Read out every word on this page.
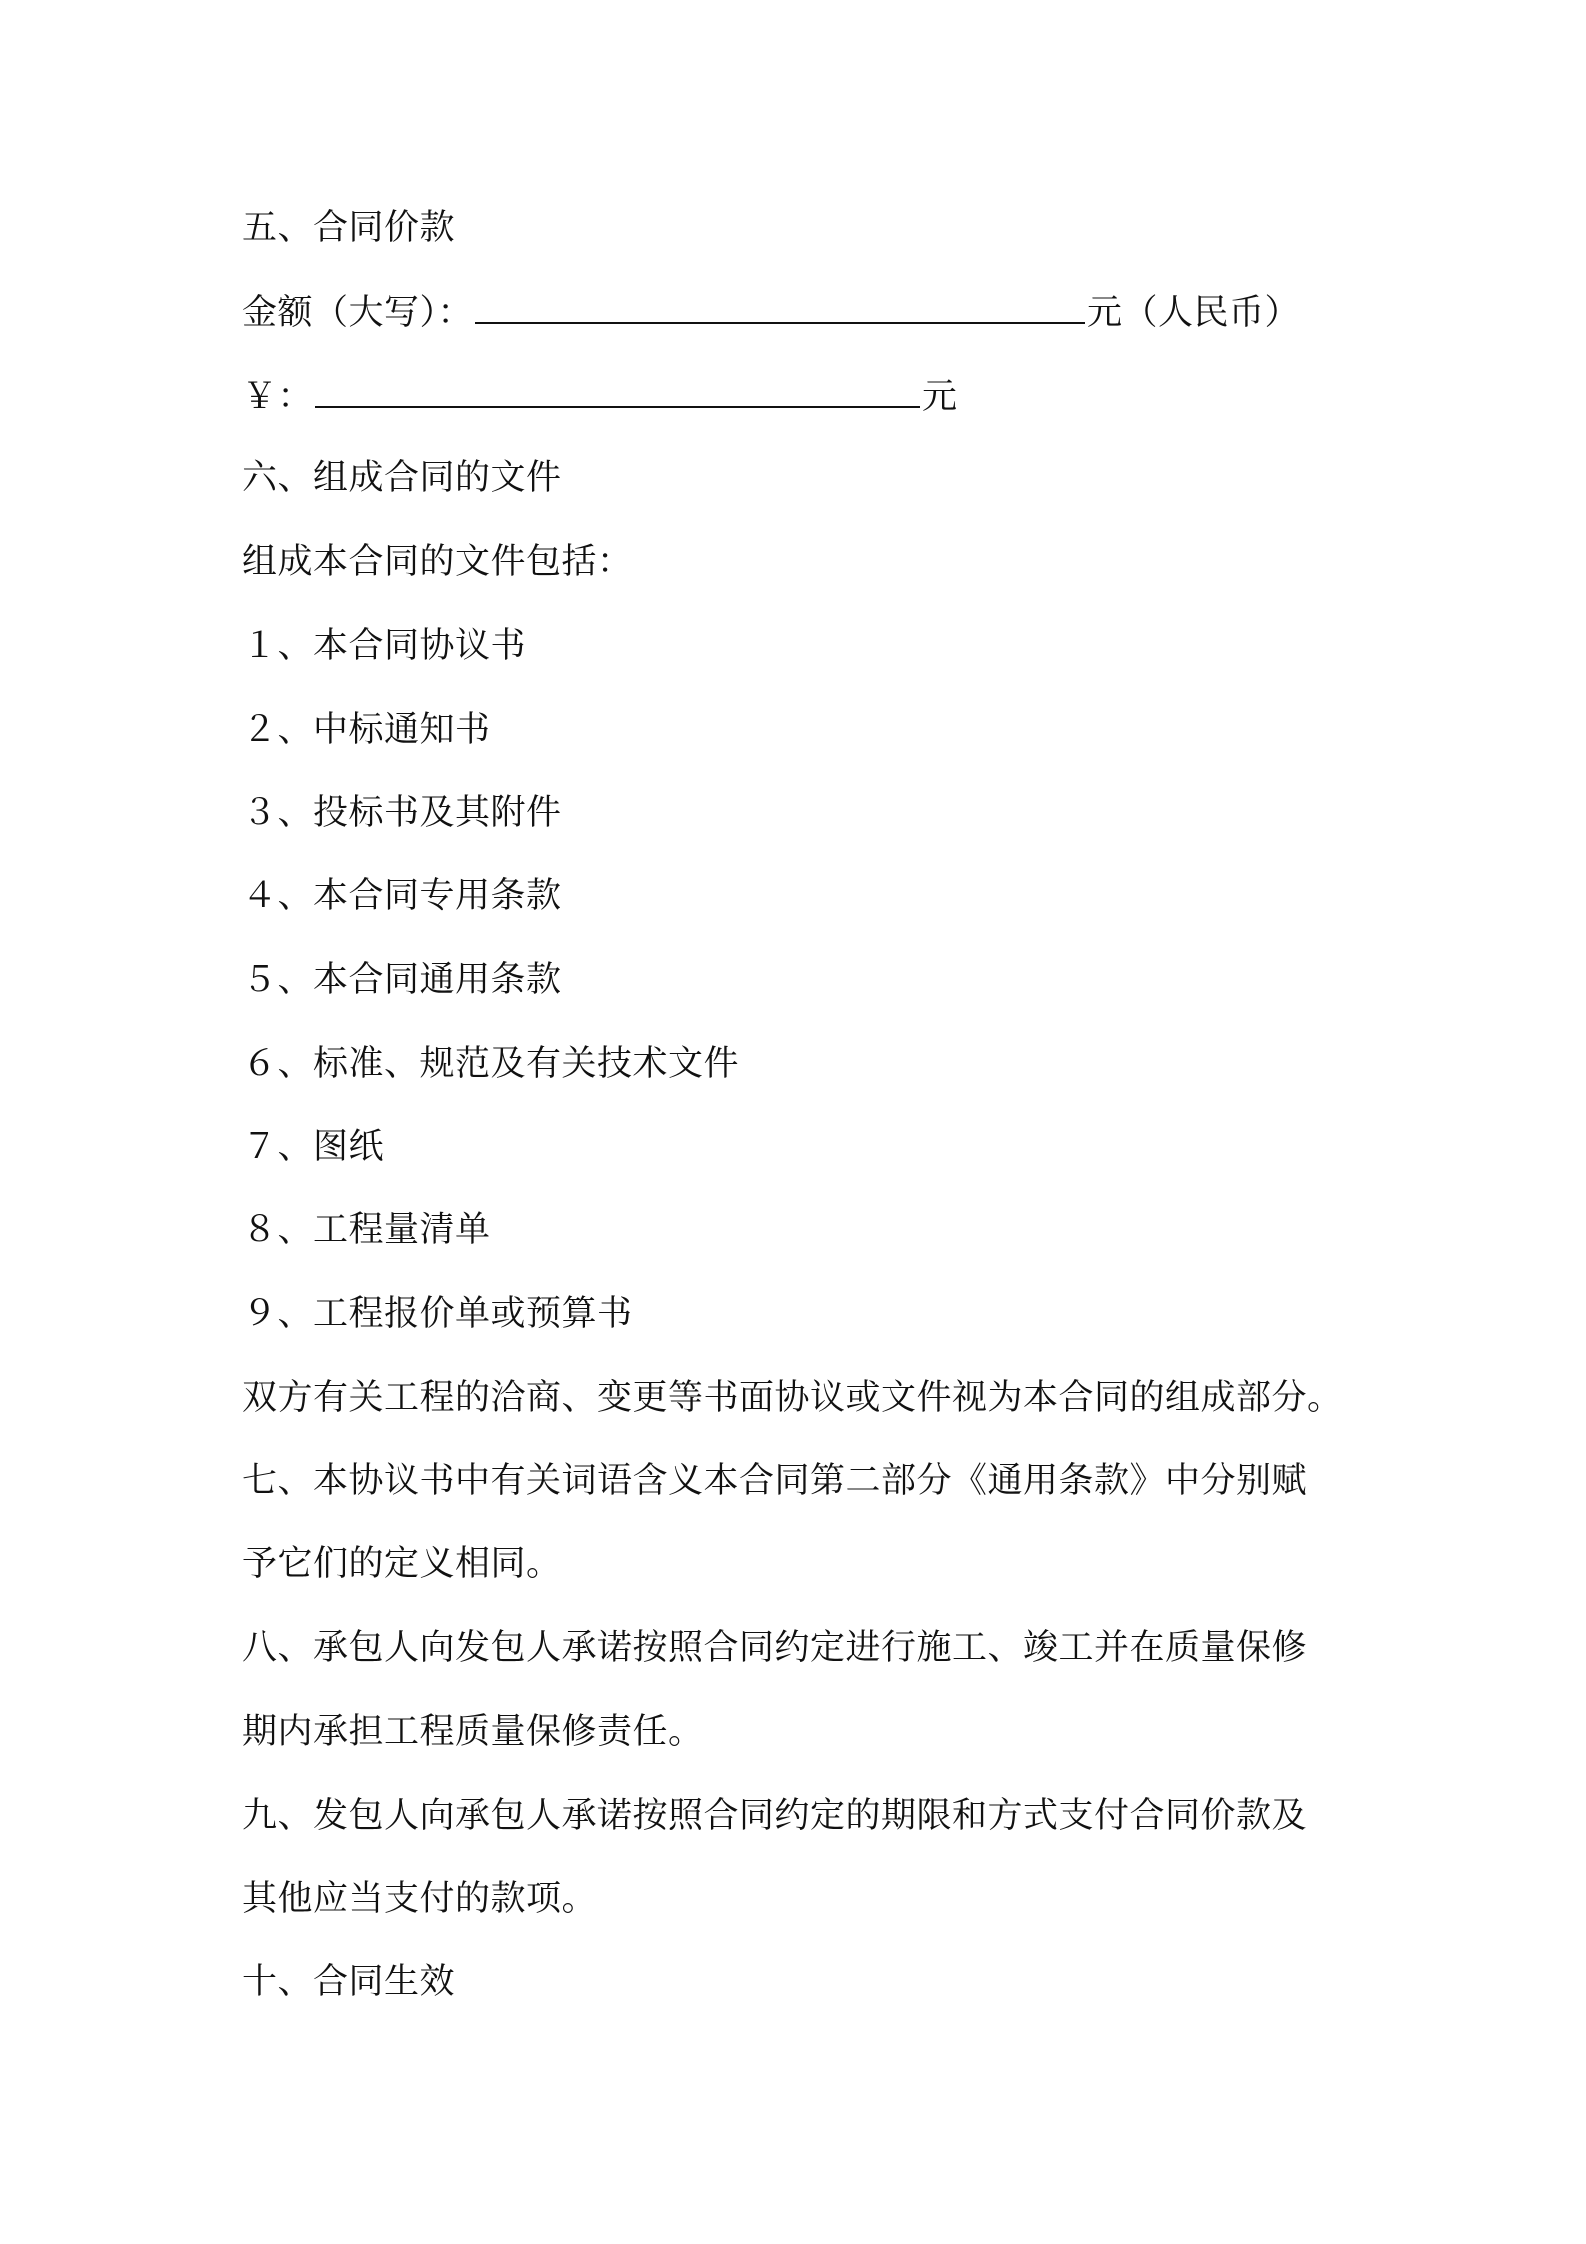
五、合同价款
金额（大写）：	元（人民币）
￥：	元
六、组成合同的文件
组成本合同的文件包括：
１、本合同协议书
２、中标通知书
３、投标书及其附件
４、本合同专用条款
５、本合同通用条款
６、标准、规范及有关技术文件
７、图纸
８、工程量清单
９、工程报价单或预算书
双方有关工程的洽商、变更等书面协议或文件视为本合同的组成部分。
七、本协议书中有关词语含义本合同第二部分《通用条款》中分别赋
予它们的定义相同。
八、承包人向发包人承诺按照合同约定进行施工、竣工并在质量保修
期内承担工程质量保修责任。
九、发包人向承包人承诺按照合同约定的期限和方式支付合同价款及
其他应当支付的款项。
十、合同生效
